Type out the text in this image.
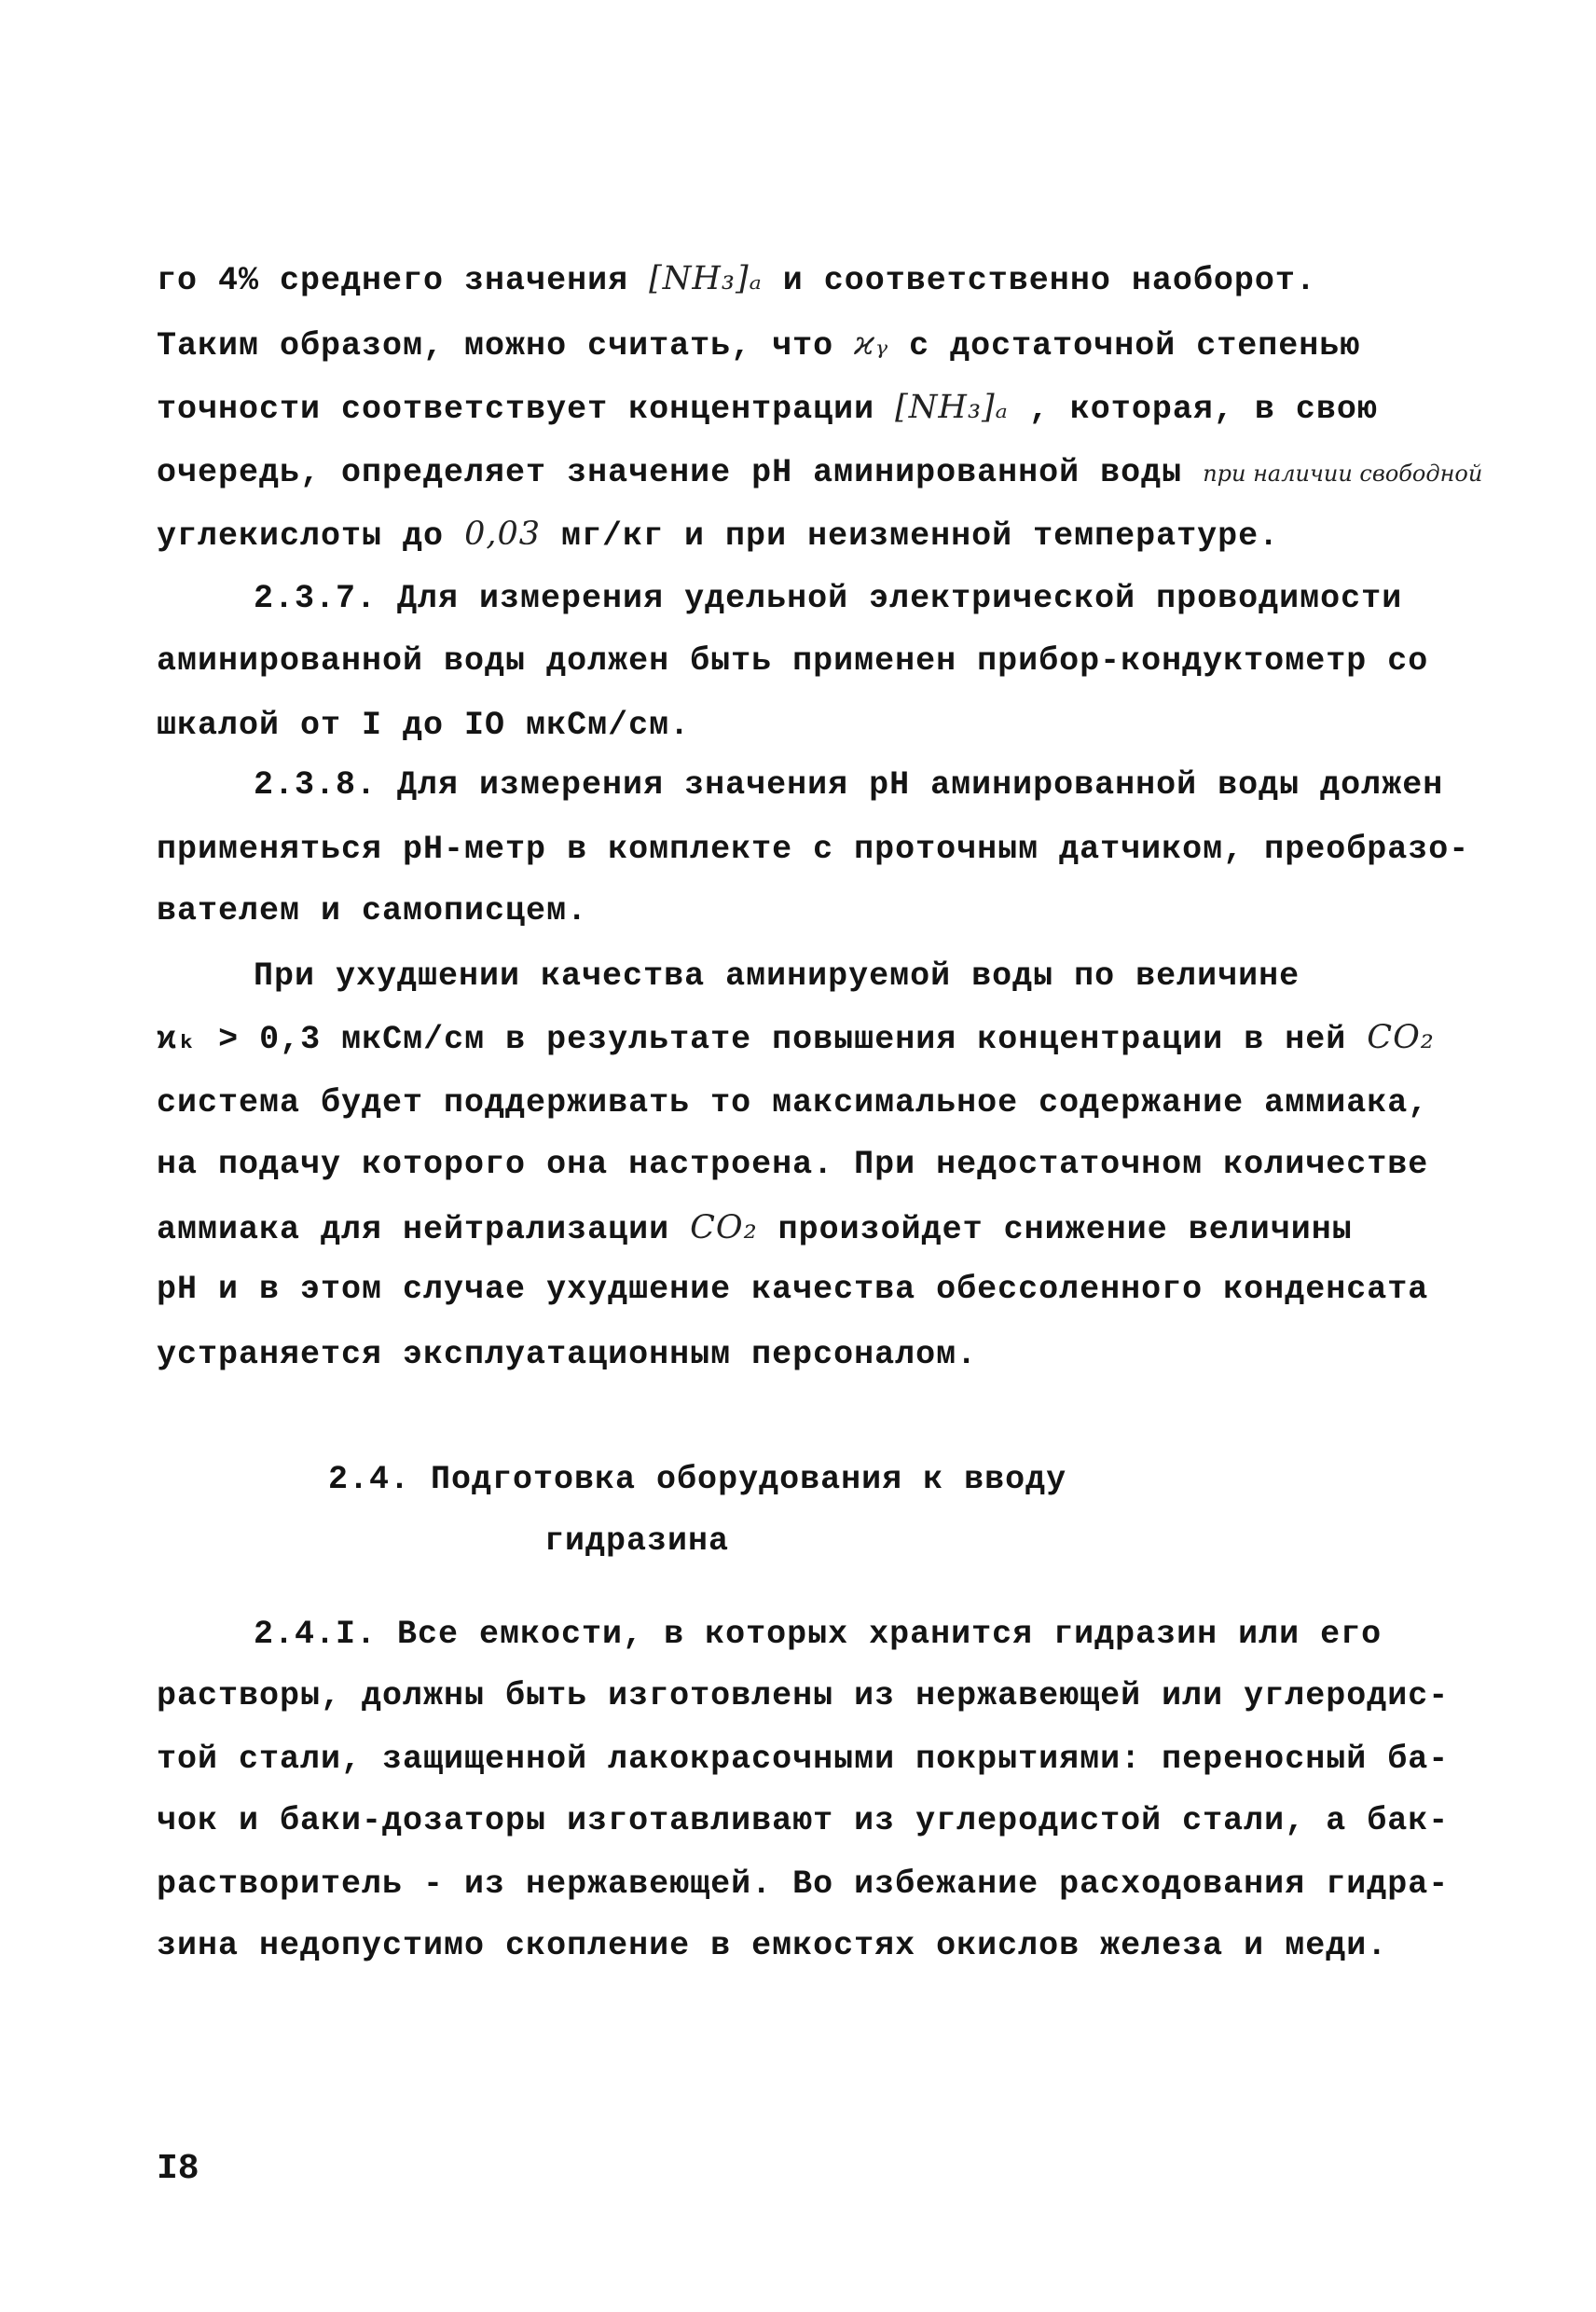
го 4% среднего значения [NH₃]ₐ и соответственно наоборот.
Таким образом, можно считать, что ϰᵧ с достаточной степенью
точности соответствует концентрации [NH₃]ₐ , которая, в свою
очередь, определяет значение pH аминированной воды при наличии свободной
углекислоты до 0,03 мг/кг и при неизменной температуре.
2.3.7. Для измерения удельной электрической проводимости
аминированной воды должен быть применен прибор-кондуктометр со
шкалой от I до IO мкСм/см.
2.3.8. Для измерения значения pH аминированной воды должен
применяться pH-метр в комплекте с проточным датчиком, преобразо-
вателем и самописцем.
При ухудшении качества аминируемой воды по величине
ϰₖ > 0,3 мкСм/см в результате повышения концентрации в ней CO₂
система будет поддерживать то максимальное содержание аммиака,
на подачу которого она настроена. При недостаточном количестве
аммиака для нейтрализации CO₂ произойдет снижение величины
pH и в этом случае ухудшение качества обессоленного конденсата
устраняется эксплуатационным персоналом.
2.4. Подготовка оборудования к вводу
гидразина
2.4.I. Все емкости, в которых хранится гидразин или его
растворы, должны быть изготовлены из нержавеющей или углеродис-
той стали, защищенной лакокрасочными покрытиями: переносный ба-
чок и баки-дозаторы изготавливают из углеродистой стали, а бак-
растворитель - из нержавеющей. Во избежание расходования гидра-
зина недопустимо скопление в емкостях окислов железа и меди.
I8
